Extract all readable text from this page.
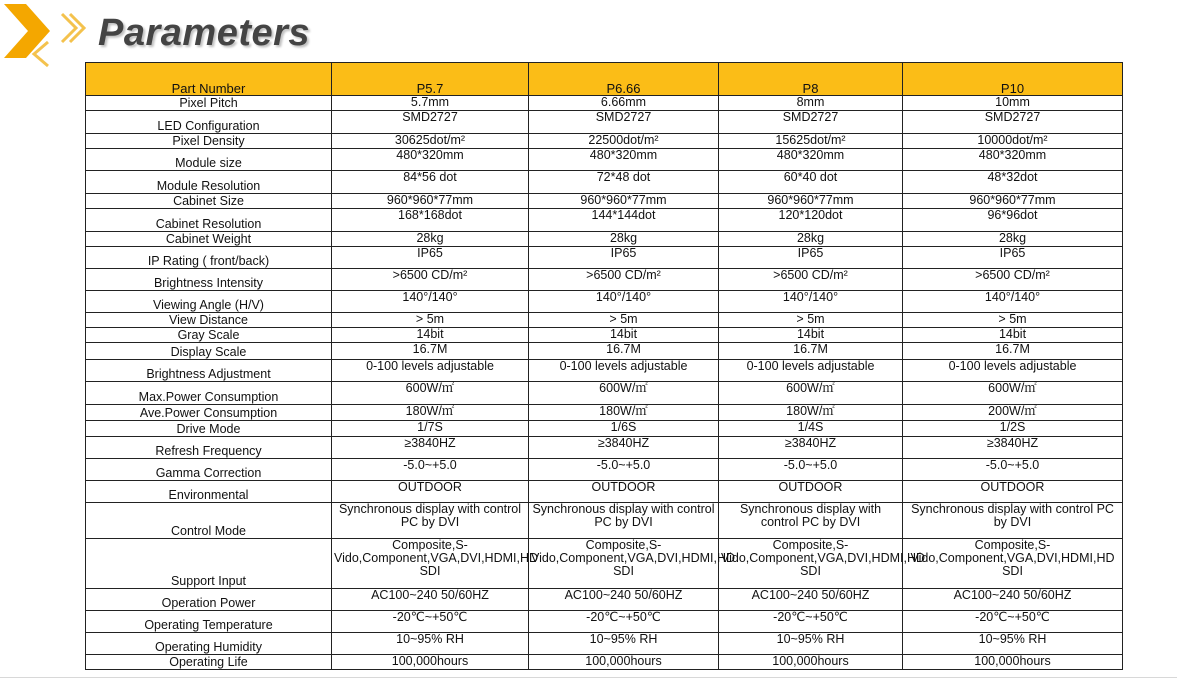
Parameters
Part Number	P5.7	P6.66	P8	P10
Pixel Pitch	5.7mm	6.66mm	8mm	10mm
LED Configuration	SMD2727	SMD2727	SMD2727	SMD2727
Pixel Density	30625dot/m²	22500dot/m²	15625dot/m²	10000dot/m²
Module size	480*320mm	480*320mm	480*320mm	480*320mm
Module Resolution	84*56 dot	72*48 dot	60*40 dot	48*32dot
Cabinet Size	960*960*77mm	960*960*77mm	960*960*77mm	960*960*77mm
Cabinet Resolution	168*168dot	144*144dot	120*120dot	96*96dot
Cabinet Weight	28kg	28kg	28kg	28kg
IP Rating ( front/back)	IP65	IP65	IP65	IP65
Brightness Intensity	>6500 CD/m²	>6500 CD/m²	>6500 CD/m²	>6500 CD/m²
Viewing Angle (H/V)	140°/140°	140°/140°	140°/140°	140°/140°
View Distance	> 5m	> 5m	> 5m	> 5m
Gray Scale	14bit	14bit	14bit	14bit
Display Scale	16.7M	16.7M	16.7M	16.7M
Brightness Adjustment	0-100 levels adjustable	0-100 levels adjustable	0-100 levels adjustable	0-100 levels adjustable
Max.Power Consumption	600W/㎡	600W/㎡	600W/㎡	600W/㎡
Ave.Power Consumption	180W/㎡	180W/㎡	180W/㎡	200W/㎡
Drive Mode	1/7S	1/6S	1/4S	1/2S
Refresh Frequency	≥3840HZ	≥3840HZ	≥3840HZ	≥3840HZ
Gamma Correction	-5.0~+5.0	-5.0~+5.0	-5.0~+5.0	-5.0~+5.0
Environmental	OUTDOOR	OUTDOOR	OUTDOOR	OUTDOOR
Control Mode	Synchronous display with control PC by DVI	Synchronous display with control PC by DVI	Synchronous display with control PC by DVI	Synchronous display with control PC by DVI
Support Input	Composite,S-Vido,Component,VGA,DVI,HDMI,HD SDI	Composite,S-Vido,Component,VGA,DVI,HDMI,HD SDI	Composite,S-Vido,Component,VGA,DVI,HDMI,HD SDI	Composite,S-Vido,Component,VGA,DVI,HDMI,HD SDI
Operation Power	AC100~240 50/60HZ	AC100~240 50/60HZ	AC100~240 50/60HZ	AC100~240 50/60HZ
Operating Temperature	-20℃~+50℃	-20℃~+50℃	-20℃~+50℃	-20℃~+50℃
Operating Humidity	10~95% RH	10~95% RH	10~95% RH	10~95% RH
Operating Life	100,000hours	100,000hours	100,000hours	100,000hours
